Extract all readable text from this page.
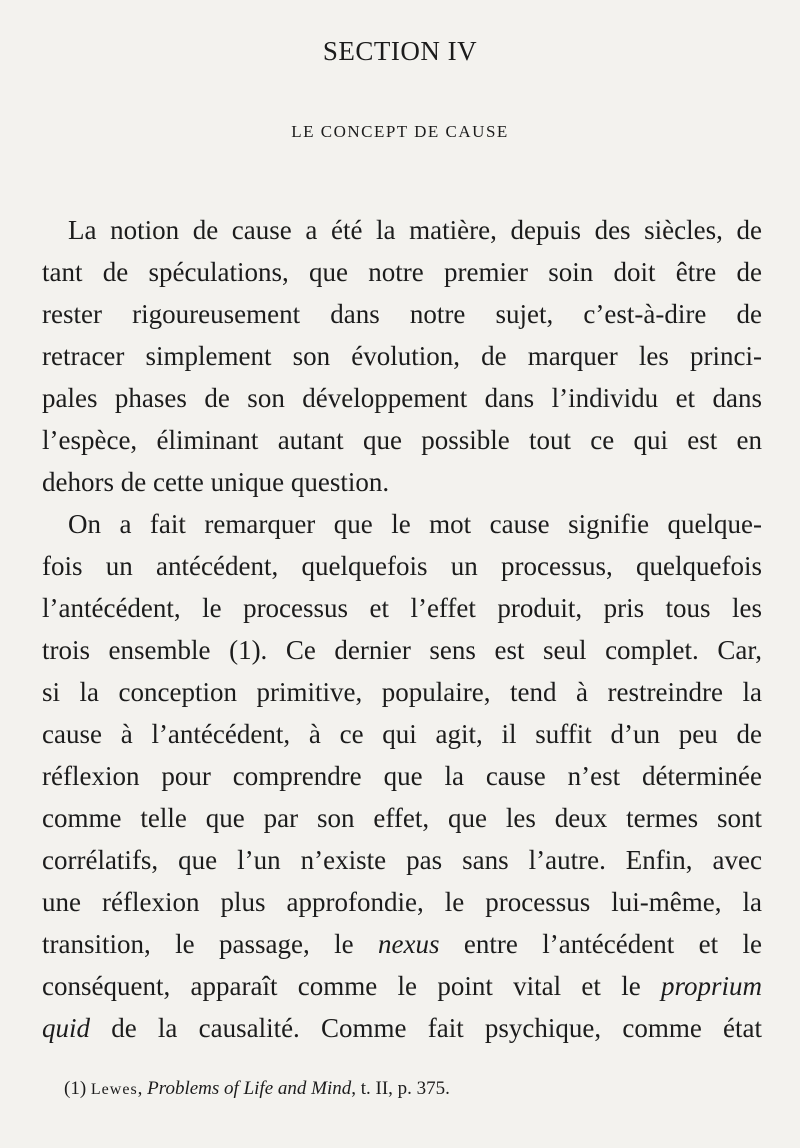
SECTION IV
LE CONCEPT DE CAUSE
La notion de cause a été la matière, depuis des siècles, de
tant de spéculations, que notre premier soin doit être de
rester rigoureusement dans notre sujet, c’est-à-dire de
retracer simplement son évolution, de marquer les princi-
pales phases de son développement dans l’individu et dans
l’espèce, éliminant autant que possible tout ce qui est en
dehors de cette unique question.
On a fait remarquer que le mot cause signifie quelque-
fois un antécédent, quelquefois un processus, quelquefois
l’antécédent, le processus et l’effet produit, pris tous les
trois ensemble (1). Ce dernier sens est seul complet. Car,
si la conception primitive, populaire, tend à restreindre la
cause à l’antécédent, à ce qui agit, il suffit d’un peu de
réflexion pour comprendre que la cause n’est déterminée
comme telle que par son effet, que les deux termes sont
corrélatifs, que l’un n’existe pas sans l’autre. Enfin, avec
une réflexion plus approfondie, le processus lui-même, la
transition, le passage, le nexus entre l’antécédent et le
conséquent, apparaît comme le point vital et le proprium
quid de la causalité. Comme fait psychique, comme état
(1) Lewes, Problems of Life and Mind, t. II, p. 375.
